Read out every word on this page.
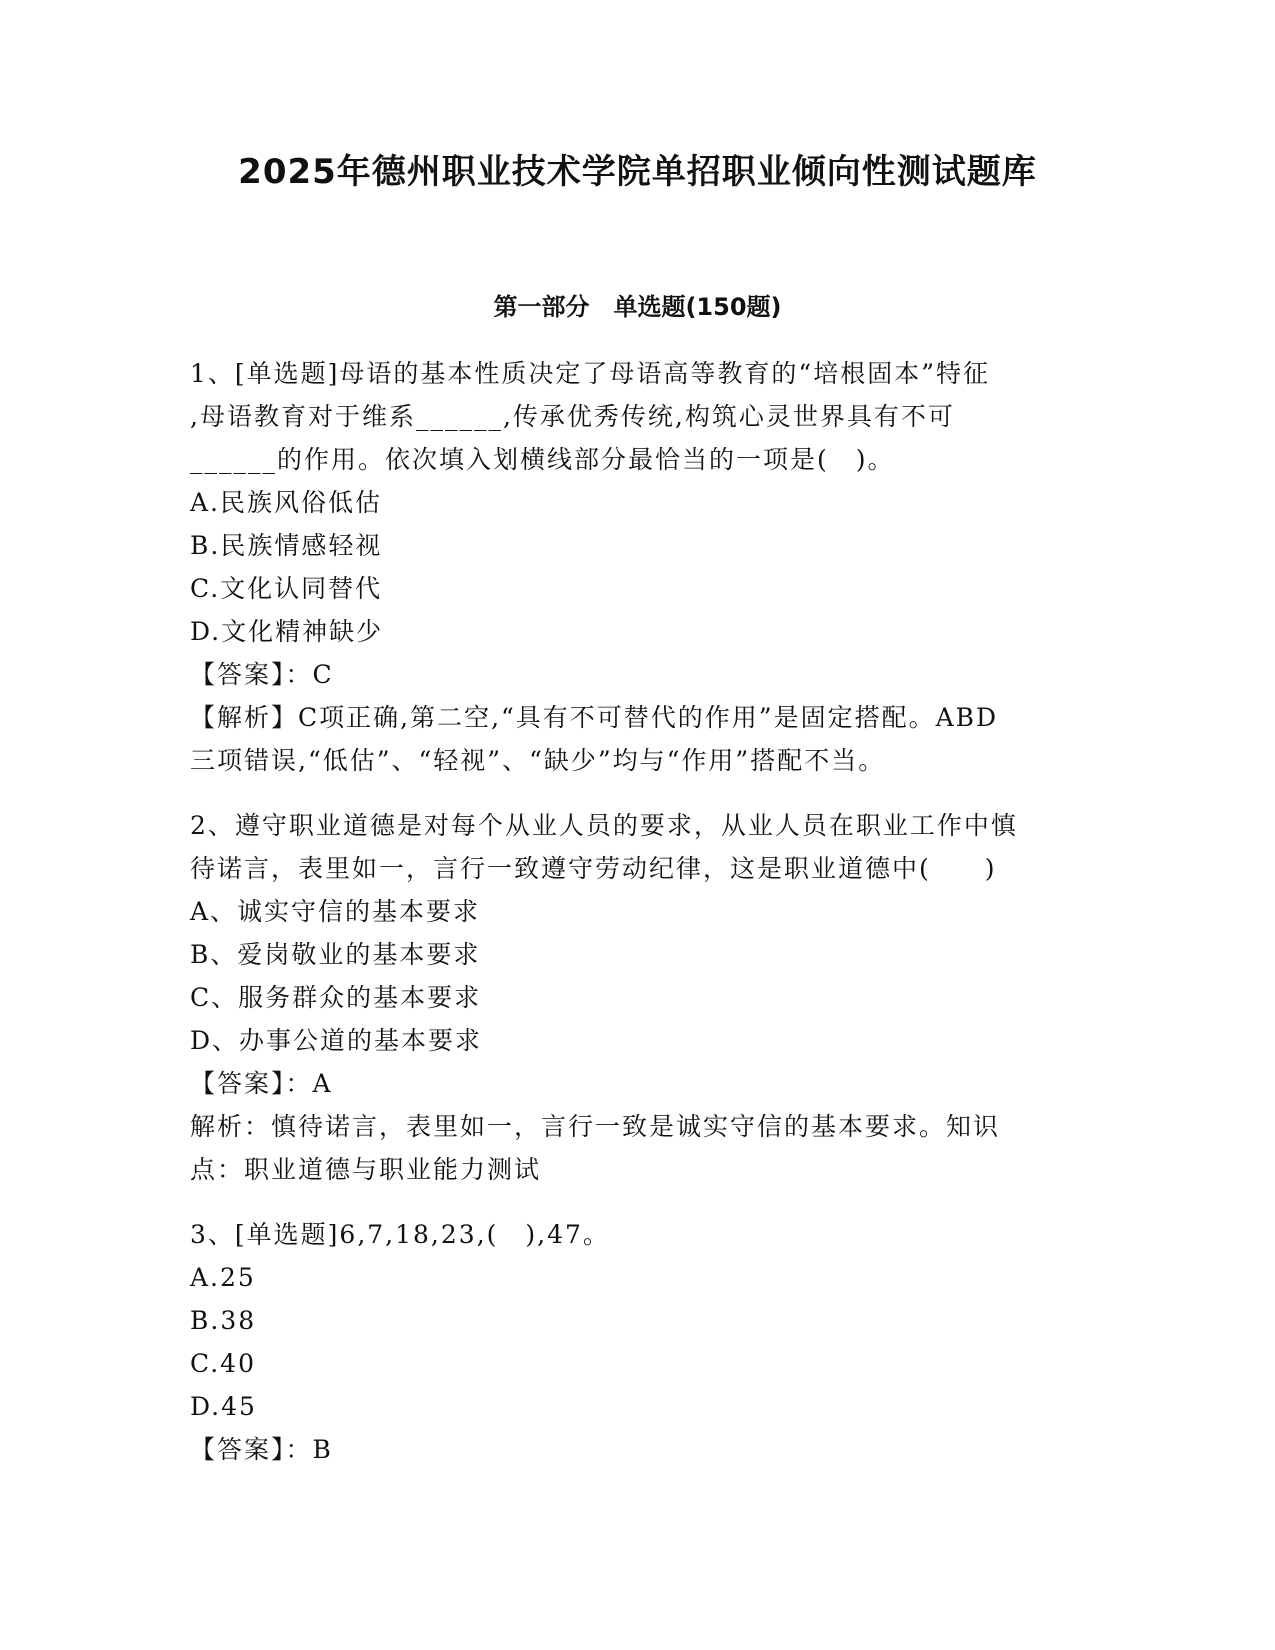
2025年德州职业技术学院单招职业倾向性测试题库
第一部分　单选题(150题)
1、[单选题]母语的基本性质决定了母语高等教育的“培根固本”特征
,母语教育对于维系______,传承优秀传统,构筑心灵世界具有不可
______的作用。依次填入划横线部分最恰当的一项是(　)。
A.民族风俗低估
B.民族情感轻视
C.文化认同替代
D.文化精神缺少
【答案】：C
【解析】C项正确,第二空,“具有不可替代的作用”是固定搭配。ABD
三项错误,“低估”、“轻视”、“缺少”均与“作用”搭配不当。
2、遵守职业道德是对每个从业人员的要求，从业人员在职业工作中慎
待诺言，表里如一，言行一致遵守劳动纪律，这是职业道德中(　　)
A、诚实守信的基本要求
B、爱岗敬业的基本要求
C、服务群众的基本要求
D、办事公道的基本要求
【答案】：A
解析：慎待诺言，表里如一，言行一致是诚实守信的基本要求。知识
点：职业道德与职业能力测试
3、[单选题]6,7,18,23,(　),47。
A.25
B.38
C.40
D.45
【答案】：B
